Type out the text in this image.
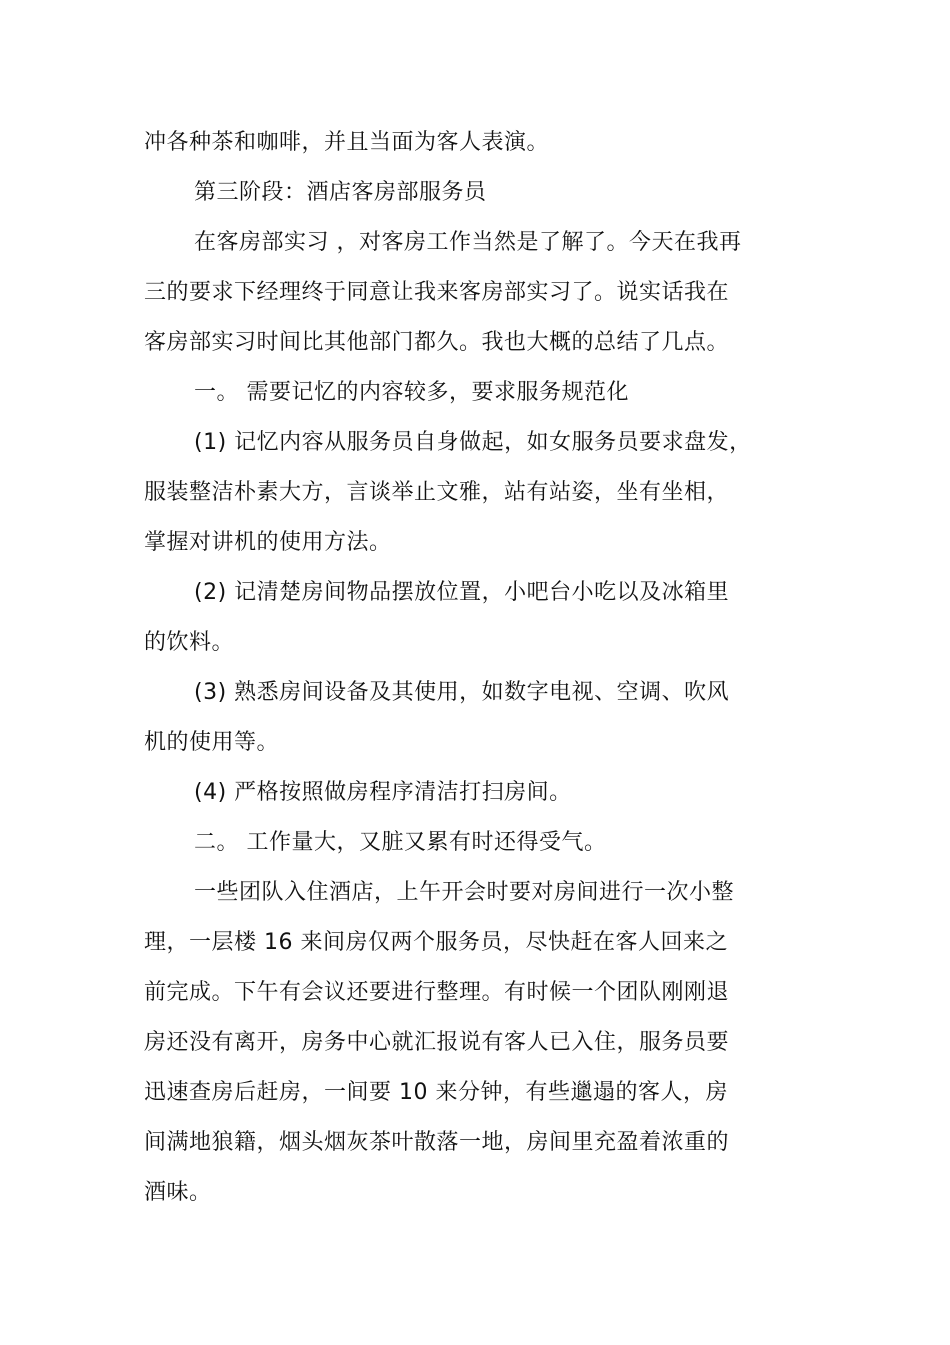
冲各种茶和咖啡，并且当面为客人表演。
第三阶段：酒店客房部服务员
在客房部实习 ，对客房工作当然是了解了。今天在我再
三的要求下经理终于同意让我来客房部实习了。说实话我在
客房部实习时间比其他部门都久。我也大概的总结了几点。
一。 需要记忆的内容较多，要求服务规范化
(1) 记忆内容从服务员自身做起，如女服务员要求盘发，
服装整洁朴素大方，言谈举止文雅，站有站姿，坐有坐相，
掌握对讲机的使用方法。
(2) 记清楚房间物品摆放位置，小吧台小吃以及冰箱里
的饮料。
(3) 熟悉房间设备及其使用，如数字电视、空调、吹风
机的使用等。
(4) 严格按照做房程序清洁打扫房间。
二。 工作量大，又脏又累有时还得受气。
一些团队入住酒店，上午开会时要对房间进行一次小整
理，一层楼 16 来间房仅两个服务员，尽快赶在客人回来之
前完成。下午有会议还要进行整理。有时候一个团队刚刚退
房还没有离开，房务中心就汇报说有客人已入住，服务员要
迅速查房后赶房，一间要 10 来分钟，有些邋遢的客人，房
间满地狼籍，烟头烟灰茶叶散落一地，房间里充盈着浓重的
酒味。
